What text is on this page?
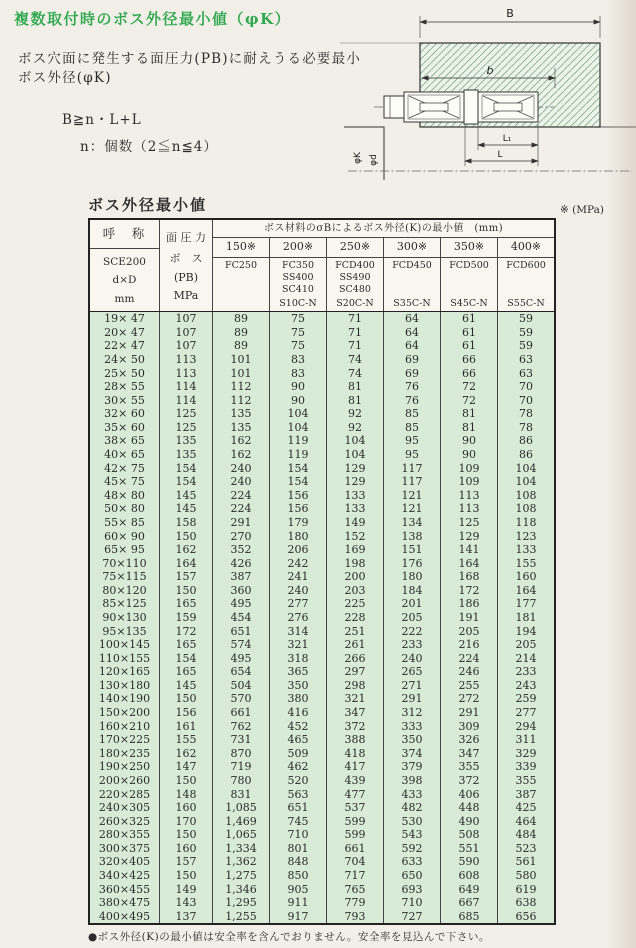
複数取付時のボス外径最小値（φK）
ボス穴面に発生する面圧力(PB)に耐えうる必要最小
ボス外径(φK)
B≧n・L+L
n：個数（2≦n≦4）
B
b
φK φd
L₁
L
ボス外径最小値	※ (MPa)
呼　称
SCE200
d×D
mm
面 圧 力
ボ　ス
(PB)
MPa
ボス材料のσBによるボス外径(K)の最小値　(mm)
150※	200※	250※	300※	350※	400※
FC250	FC350
SS400
SC410
S10C-N
FCD400
SS490
SC480
S20C-N
FCD450
S35C-N
FCD500
S45C-N
FCD600
S55C-N
19× 47	107	89	75	71	64	61	59
20× 47	107	89	75	71	64	61	59
22× 47	107	89	75	71	64	61	59
24× 50	113	101	83	74	69	66	63
25× 50	113	101	83	74	69	66	63
28× 55	114	112	90	81	76	72	70
30× 55	114	112	90	81	76	72	70
32× 60	125	135	104	92	85	81	78
35× 60	125	135	104	92	85	81	78
38× 65	135	162	119	104	95	90	86
40× 65	135	162	119	104	95	90	86
42× 75	154	240	154	129	117	109	104
45× 75	154	240	154	129	117	109	104
48× 80	145	224	156	133	121	113	108
50× 80	145	224	156	133	121	113	108
55× 85	158	291	179	149	134	125	118
60× 90	150	270	180	152	138	129	123
65× 95	162	352	206	169	151	141	133
70×110	164	426	242	198	176	164	155
75×115	157	387	241	200	180	168	160
80×120	150	360	240	203	184	172	164
85×125	165	495	277	225	201	186	177
90×130	159	454	276	228	205	191	181
95×135	172	651	314	251	222	205	194
100×145	165	574	321	261	233	216	205
110×155	154	495	318	266	240	224	214
120×165	165	654	365	297	265	246	233
130×180	145	504	350	298	271	255	243
140×190	150	570	380	321	291	272	259
150×200	156	661	416	347	312	291	277
160×210	161	762	452	372	333	309	294
170×225	155	731	465	388	350	326	311
180×235	162	870	509	418	374	347	329
190×250	147	719	462	417	379	355	339
200×260	150	780	520	439	398	372	355
220×285	148	831	563	477	433	406	387
240×305	160	1,085	651	537	482	448	425
260×325	170	1,469	745	599	530	490	464
280×355	150	1,065	710	599	543	508	484
300×375	160	1,334	801	661	592	551	523
320×405	157	1,362	848	704	633	590	561
340×425	150	1,275	850	717	650	608	580
360×455	149	1,346	905	765	693	649	619
380×475	143	1,295	911	779	710	667	638
400×495	137	1,255	917	793	727	685	656
●ボス外径(K)の最小値は安全率を含んでおりません。安全率を見込んで下さい。
